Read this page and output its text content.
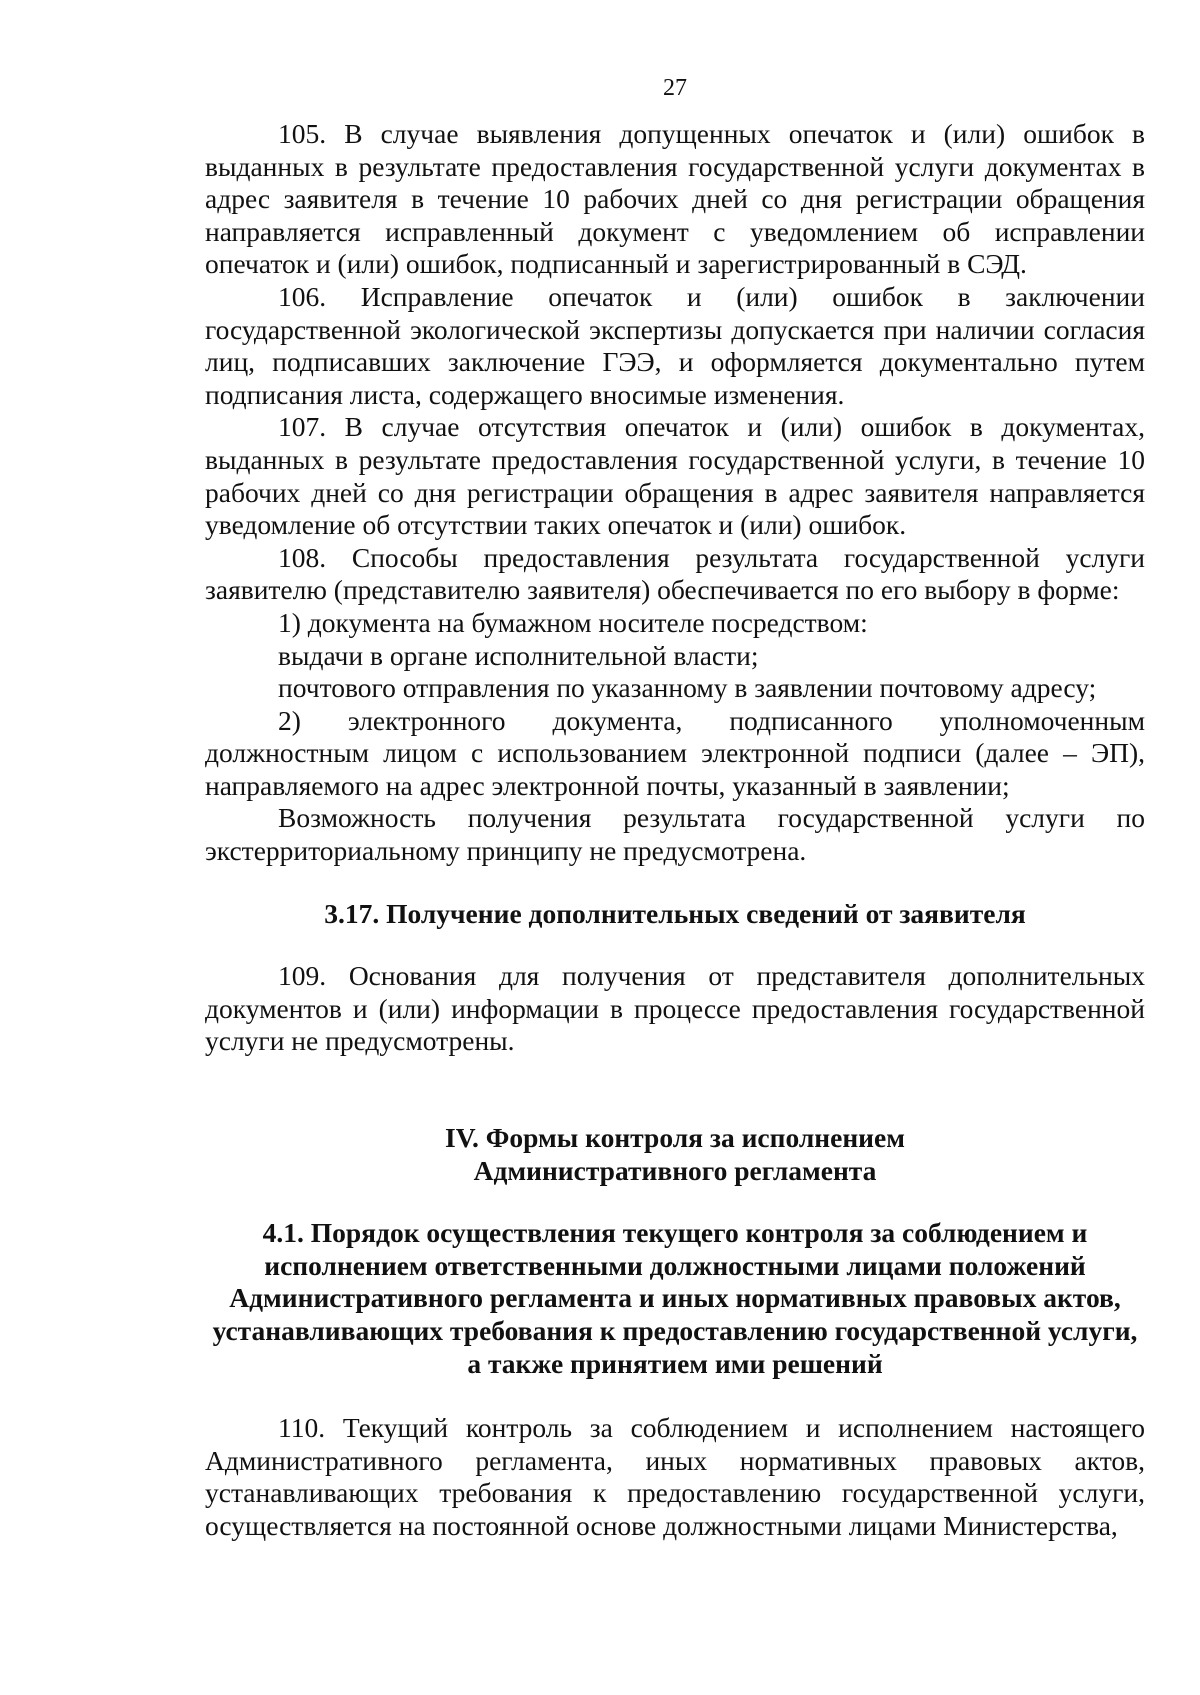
27

105. В случае выявления допущенных опечаток и (или) ошибок в выданных в результате предоставления государственной услуги документах в адрес заявителя в течение 10 рабочих дней со дня регистрации обращения направляется исправленный документ с уведомлением об исправлении опечаток и (или) ошибок, подписанный и зарегистрированный в СЭД.

106. Исправление опечаток и (или) ошибок в заключении государственной экологической экспертизы допускается при наличии согласия лиц, подписавших заключение ГЭЭ, и оформляется документально путем подписания листа, содержащего вносимые изменения.

107. В случае отсутствия опечаток и (или) ошибок в документах, выданных в результате предоставления государственной услуги, в течение 10 рабочих дней со дня регистрации обращения в адрес заявителя направляется уведомление об отсутствии таких опечаток и (или) ошибок.

108. Способы предоставления результата государственной услуги заявителю (представителю заявителя) обеспечивается по его выбору в форме:

1) документа на бумажном носителе посредством:

выдачи в органе исполнительной власти;

почтового отправления по указанному в заявлении почтовому адресу;

2) электронного документа, подписанного уполномоченным должностным лицом с использованием электронной подписи (далее – ЭП), направляемого на адрес электронной почты, указанный в заявлении;

Возможность получения результата государственной услуги по экстерриториальному принципу не предусмотрена.

3.17. Получение дополнительных сведений от заявителя

109. Основания для получения от представителя дополнительных документов и (или) информации в процессе предоставления государственной услуги не предусмотрены.

IV. Формы контроля за исполнением Административного регламента
4.1. Порядок осуществления текущего контроля за соблюдением и исполнением ответственными должностными лицами положений Административного регламента и иных нормативных правовых актов, устанавливающих требования к предоставлению государственной услуги, а также принятием ими решений

110. Текущий контроль за соблюдением и исполнением настоящего Административного регламента, иных нормативных правовых актов, устанавливающих требования к предоставлению государственной услуги, осуществляется на постоянной основе должностными лицами Министерства,
